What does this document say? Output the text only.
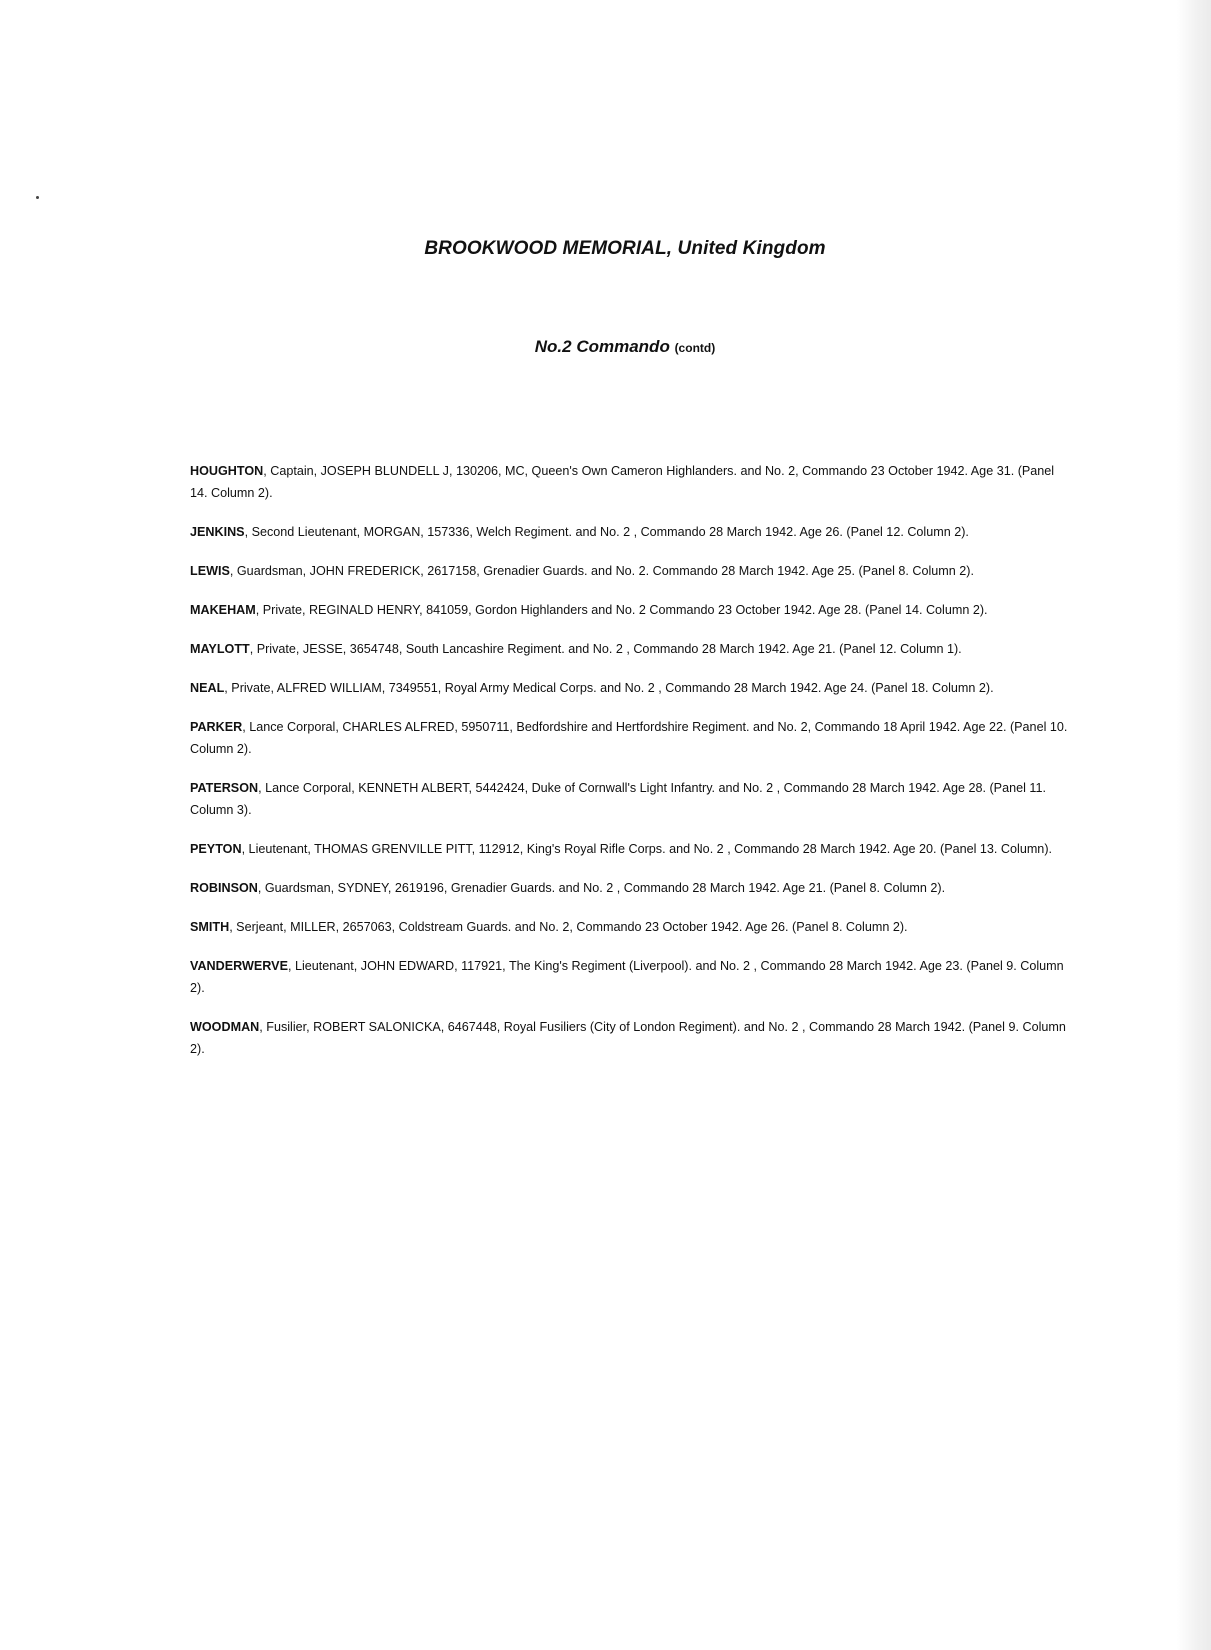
BROOKWOOD MEMORIAL, United Kingdom
No.2 Commando (contd)

HOUGHTON, Captain, JOSEPH BLUNDELL J, 130206, MC, Queen's Own Cameron Highlanders. and No. 2, Commando 23 October 1942. Age 31. (Panel 14. Column 2).

JENKINS, Second Lieutenant, MORGAN, 157336, Welch Regiment. and No. 2 , Commando 28 March 1942. Age 26. (Panel 12. Column 2).

LEWIS, Guardsman, JOHN FREDERICK, 2617158, Grenadier Guards. and No. 2. Commando 28 March 1942. Age 25. (Panel 8. Column 2).

MAKEHAM, Private, REGINALD HENRY, 841059, Gordon Highlanders and No. 2 Commando 23 October 1942. Age 28. (Panel 14. Column 2).

MAYLOTT, Private, JESSE, 3654748, South Lancashire Regiment. and No. 2 , Commando 28 March 1942. Age 21. (Panel 12. Column 1).

NEAL, Private, ALFRED WILLIAM, 7349551, Royal Army Medical Corps. and No. 2 , Commando 28 March 1942. Age 24. (Panel 18. Column 2).

PARKER, Lance Corporal, CHARLES ALFRED, 5950711, Bedfordshire and Hertfordshire Regiment. and No. 2, Commando 18 April 1942. Age 22. (Panel 10. Column 2).

PATERSON, Lance Corporal, KENNETH ALBERT, 5442424, Duke of Cornwall's Light Infantry. and No. 2 , Commando 28 March 1942. Age 28. (Panel 11. Column 3).

PEYTON, Lieutenant, THOMAS GRENVILLE PITT, 112912, King's Royal Rifle Corps. and No. 2 , Commando 28 March 1942. Age 20. (Panel 13. Column).

ROBINSON, Guardsman, SYDNEY, 2619196, Grenadier Guards. and No. 2 , Commando 28 March 1942. Age 21. (Panel 8. Column 2).

SMITH, Serjeant, MILLER, 2657063, Coldstream Guards. and No. 2, Commando 23 October 1942. Age 26. (Panel 8. Column 2).

VANDERWERVE, Lieutenant, JOHN EDWARD, 117921, The King's Regiment (Liverpool). and No. 2 , Commando 28 March 1942. Age 23. (Panel 9. Column 2).

WOODMAN, Fusilier, ROBERT SALONICKA, 6467448, Royal Fusiliers (City of London Regiment). and No. 2 , Commando 28 March 1942. (Panel 9. Column 2).
